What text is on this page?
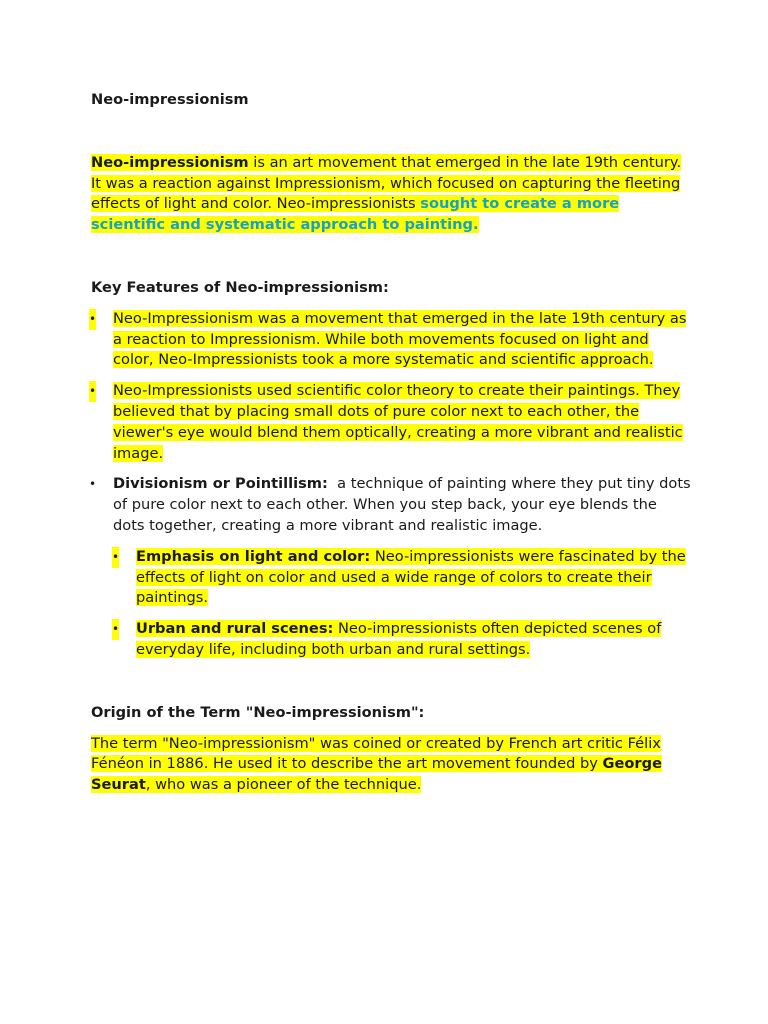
Neo-impressionism

Neo-impressionism is an art movement that emerged in the late 19th century. It was a reaction against Impressionism, which focused on capturing the fleeting effects of light and color. Neo-impressionists sought to create a more scientific and systematic approach to painting.

Key Features of Neo-impressionism:

• Neo-Impressionism was a movement that emerged in the late 19th century as a reaction to Impressionism. While both movements focused on light and color, Neo-Impressionists took a more systematic and scientific approach.
• Neo-Impressionists used scientific color theory to create their paintings. They believed that by placing small dots of pure color next to each other, the viewer's eye would blend them optically, creating a more vibrant and realistic image.
• Divisionism or Pointillism:  a technique of painting where they put tiny dots of pure color next to each other. When you step back, your eye blends the dots together, creating a more vibrant and realistic image.
• Emphasis on light and color: Neo-impressionists were fascinated by the effects of light on color and used a wide range of colors to create their paintings.
• Urban and rural scenes: Neo-impressionists often depicted scenes of everyday life, including both urban and rural settings.

Origin of the Term "Neo-impressionism":

The term "Neo-impressionism" was coined or created by French art critic Félix Fénéon in 1886. He used it to describe the art movement founded by George Seurat, who was a pioneer of the technique.
